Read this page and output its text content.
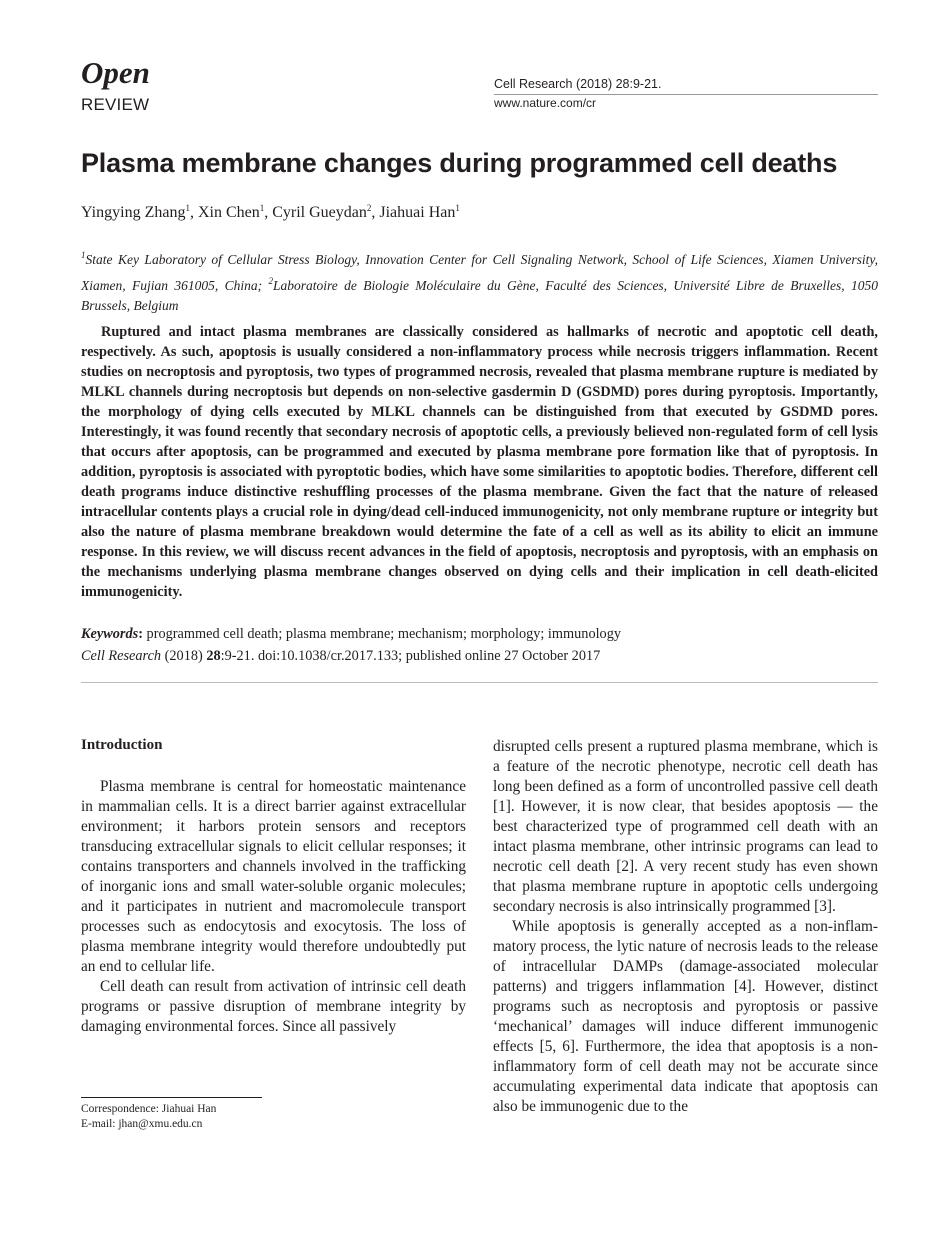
Open
REVIEW
Cell Research (2018) 28:9-21.
www.nature.com/cr
Plasma membrane changes during programmed cell deaths
Yingying Zhang$^1$, Xin Chen$^1$, Cyril Gueydan$^2$, Jiahuai Han$^1$
$^1$State Key Laboratory of Cellular Stress Biology, Innovation Center for Cell Signaling Network, School of Life Sciences, Xiamen University, Xiamen, Fujian 361005, China; $^2$Laboratoire de Biologie Moléculaire du Gène, Faculté des Sciences, Université Libre de Bruxelles, 1050 Brussels, Belgium

Ruptured and intact plasma membranes are classically considered as hallmarks of necrotic and apoptotic cell death, respectively. As such, apoptosis is usually considered a non-inflammatory process while necrosis triggers inflammation. Recent studies on necroptosis and pyroptosis, two types of programmed necrosis, revealed that plasma membrane rupture is mediated by MLKL channels during necroptosis but depends on non-selective gasdermin D (GSDMD) pores during pyroptosis. Importantly, the morphology of dying cells executed by MLKL channels can be distinguished from that executed by GSDMD pores. Interestingly, it was found recently that secondary necrosis of apoptotic cells, a previously believed non-regulated form of cell lysis that occurs after apoptosis, can be programmed and executed by plasma membrane pore formation like that of pyroptosis. In addition, pyroptosis is associated with pyroptotic bodies, which have some similarities to apoptotic bodies. Therefore, different cell death programs induce distinctive reshuffling processes of the plasma membrane. Given the fact that the nature of released intracellular contents plays a crucial role in dying/dead cell-induced immunogenicity, not only membrane rupture or integrity but also the nature of plasma membrane breakdown would determine the fate of a cell as well as its ability to elicit an immune response. In this review, we will discuss recent advances in the field of apoptosis, necroptosis and pyroptosis, with an emphasis on the mechanisms underlying plasma membrane changes observed on dying cells and their implication in cell death-elicited immunogenicity.

Keywords: programmed cell death; plasma membrane; mechanism; morphology; immunology
Cell Research (2018) 28:9-21. doi:10.1038/cr.2017.133; published online 27 October 2017
Introduction

Plasma membrane is central for homeostatic maintenance in mammalian cells. It is a direct barrier against extracellular environment; it harbors protein sensors and receptors transducing extracellular signals to elicit cellular responses; it contains transporters and channels involved in the trafficking of inorganic ions and small water-soluble organic molecules; and it participates in nutrient and macromolecule transport processes such as endocytosis and exocytosis. The loss of plasma membrane integrity would therefore undoubtedly put an end to cellular life.

Cell death can result from activation of intrinsic cell death programs or passive disruption of membrane integrity by damaging environmental forces. Since all passively

disrupted cells present a ruptured plasma membrane, which is a feature of the necrotic phenotype, necrotic cell death has long been defined as a form of uncontrolled passive cell death [1]. However, it is now clear, that besides apoptosis — the best characterized type of programmed cell death with an intact plasma membrane, other intrinsic programs can lead to necrotic cell death [2]. A very recent study has even shown that plasma membrane rupture in apoptotic cells undergoing secondary necrosis is also intrinsically programmed [3].

While apoptosis is generally accepted as a non-inflammatory process, the lytic nature of necrosis leads to the release of intracellular DAMPs (damage-associated molecular patterns) and triggers inflammation [4]. However, distinct programs such as necroptosis and pyroptosis or passive ‘mechanical’ damages will induce different immunogenic effects [5, 6]. Furthermore, the idea that apoptosis is a non-inflammatory form of cell death may not be accurate since accumulating experimental data indicate that apoptosis can also be immunogenic due to the

Correspondence: Jiahuai Han
E-mail: jhan@xmu.edu.cn
